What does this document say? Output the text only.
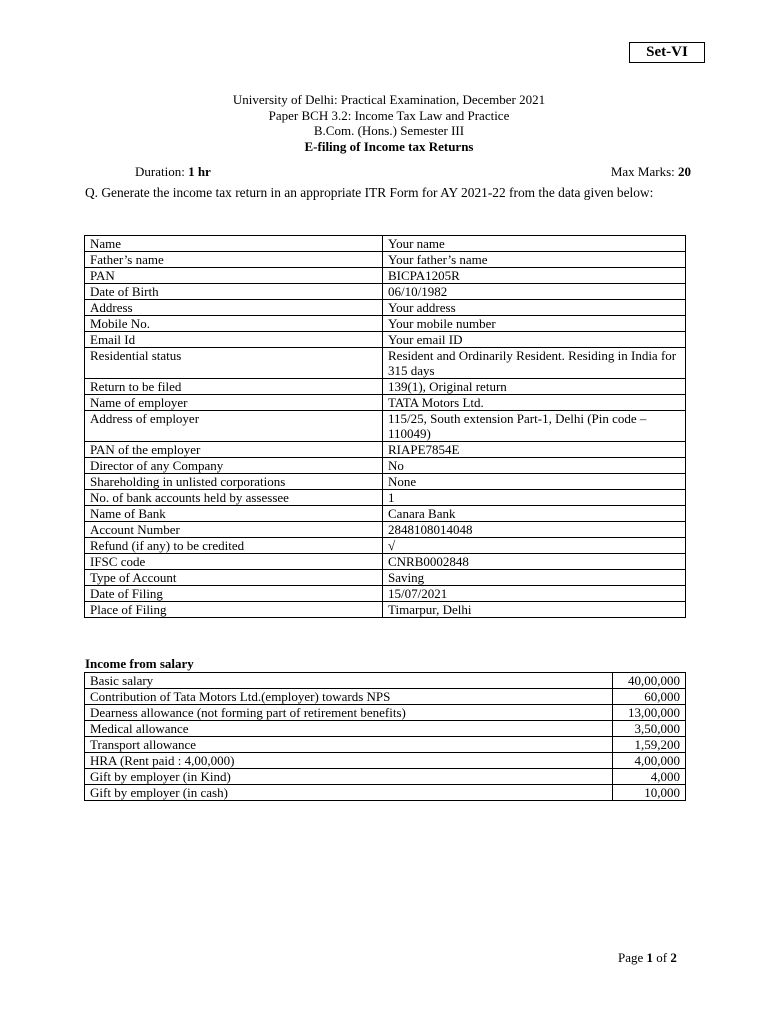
Set-VI
University of Delhi: Practical Examination, December 2021
Paper BCH 3.2: Income Tax Law and Practice
B.Com. (Hons.) Semester III
E-filing of Income tax Returns
Duration: 1 hr	Max Marks: 20
Q. Generate the income tax return in an appropriate ITR Form for AY 2021-22 from the data given below:
Name	Your name
Father’s name	Your father’s name
PAN	BICPA1205R
Date of Birth	06/10/1982
Address	Your address
Mobile No.	Your mobile number
Email Id	Your email ID
Residential status	Resident and Ordinarily Resident. Residing in India for 315 days
Return to be filed	139(1), Original return
Name of employer	TATA Motors Ltd.
Address of employer	115/25, South extension Part-1, Delhi (Pin code – 110049)
PAN of the employer	RIAPE7854E
Director of any Company	No
Shareholding in unlisted corporations	None
No. of bank accounts held by assessee	1
Name of Bank	Canara Bank
Account Number	2848108014048
Refund (if any) to be credited	√
IFSC code	CNRB0002848
Type of Account	Saving
Date of Filing	15/07/2021
Place of Filing	Timarpur, Delhi
Income from salary
Basic salary	40,00,000
Contribution of Tata Motors Ltd.(employer) towards NPS	60,000
Dearness allowance (not forming part of retirement benefits)	13,00,000
Medical allowance	3,50,000
Transport allowance	1,59,200
HRA (Rent paid : 4,00,000)	4,00,000
Gift by employer (in Kind)	4,000
Gift by employer (in cash)	10,000
Page 1 of 2
